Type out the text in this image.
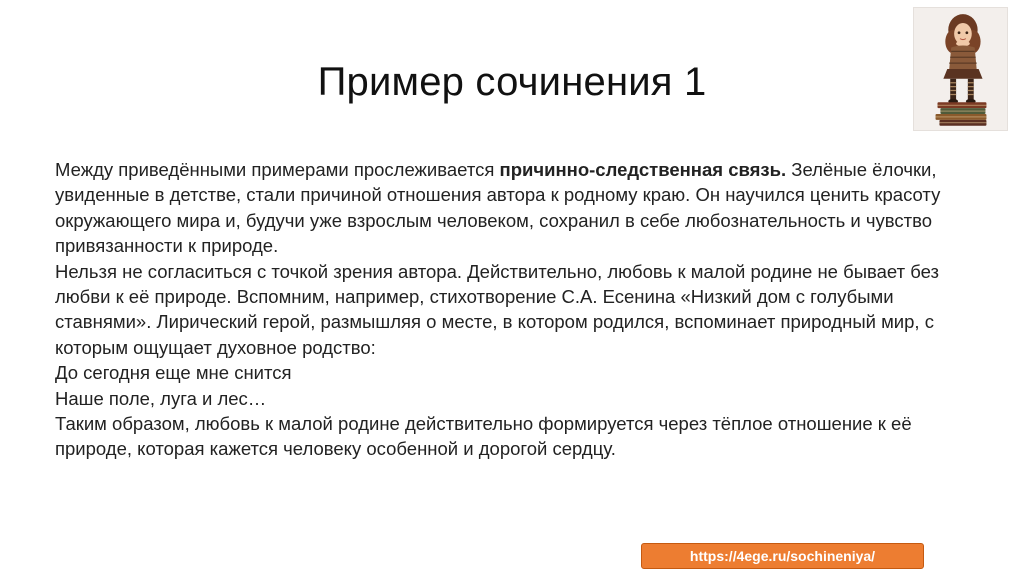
Пример сочинения 1

Между приведёнными примерами прослеживается причинно-следственная связь. Зелёные ёлочки, увиденные в детстве, стали причиной отношения автора к родному краю. Он научился ценить красоту окружающего мира и, будучи уже взрослым человеком, сохранил в себе любознательность и чувство привязанности к природе.

Нельзя не согласиться с точкой зрения автора. Действительно, любовь к малой родине не бывает без любви к её природе. Вспомним, например, стихотворение С.А. Есенина «Низкий дом с голубыми ставнями». Лирический герой, размышляя о месте, в котором родился, вспоминает природный мир, с которым ощущает духовное родство:

До сегодня еще мне снится

Наше поле, луга и лес…

Таким образом, любовь к малой родине действительно формируется через тёплое отношение к её природе, которая кажется человеку особенной и дорогой сердцу.

https://4ege.ru/sochineniya/
